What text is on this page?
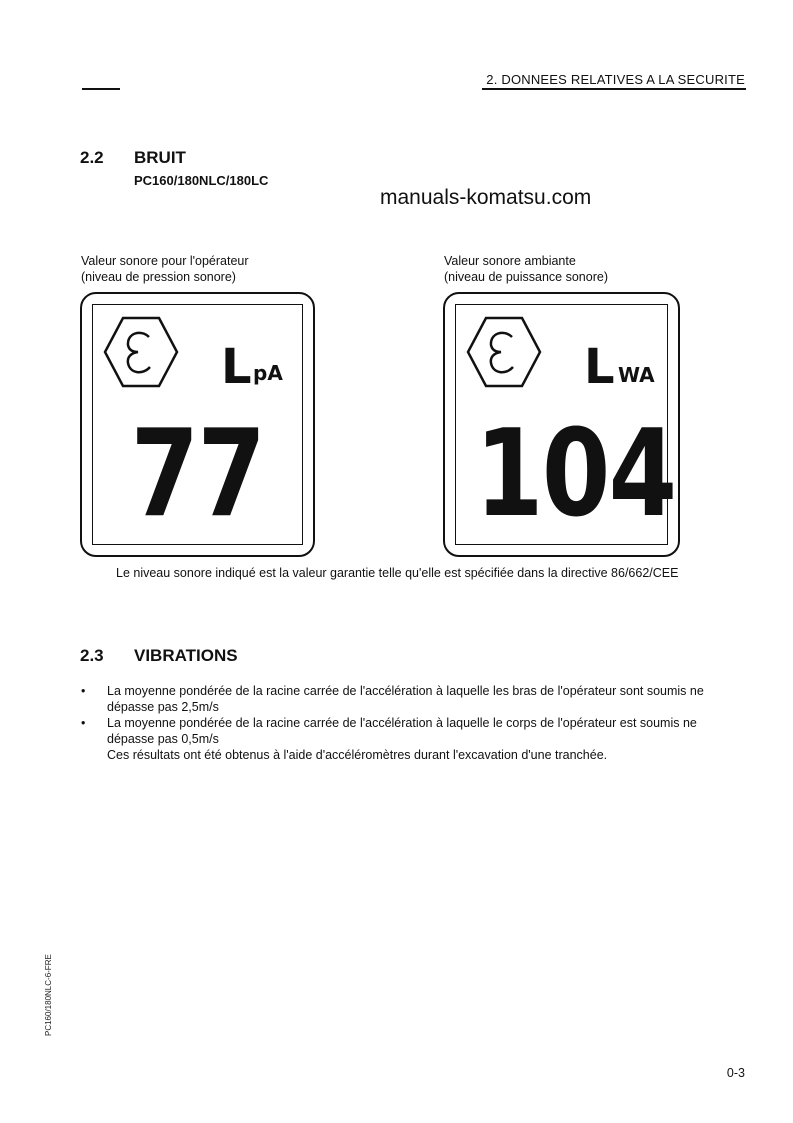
2. DONNEES RELATIVES A LA SECURITE
2.2 BRUIT
PC160/180NLC/180LC
manuals-komatsu.com
Valeur sonore pour l'opérateur
(niveau de pression sonore)
Valeur sonore ambiante
(niveau de puissance sonore)
L pA
77
L WA
104
Le niveau sonore indiqué est la valeur garantie telle qu'elle est spécifiée dans la directive 86/662/CEE
2.3 VIBRATIONS
• La moyenne pondérée de la racine carrée de l'accélération à laquelle les bras de l'opérateur sont soumis ne
dépasse pas 2,5m/s
• La moyenne pondérée de la racine carrée de l'accélération à laquelle le corps de l'opérateur est soumis ne
dépasse pas 0,5m/s
Ces résultats ont été obtenus à l'aide d'accéléromètres durant l'excavation d'une tranchée.
PC160/180NLC-6-FRE
0-3
